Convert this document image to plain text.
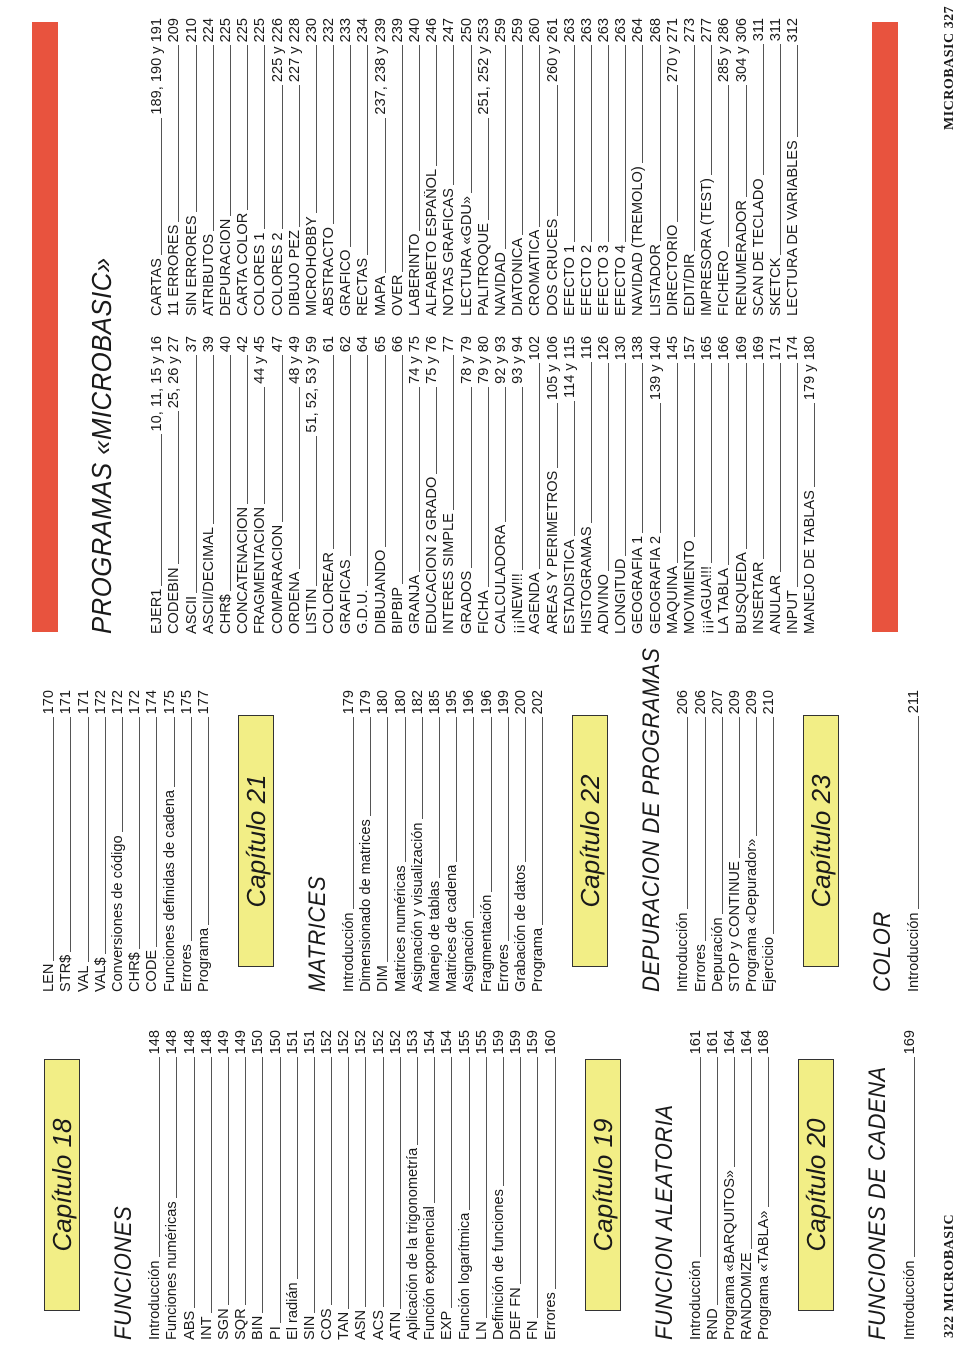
Capítulo 18
FUNCIONES Introducción
148
Funciones numéricas
148
ABS
148
INT
148
SGN
149
SQR
149
BIN
150
PI
150
El radián
151
SIN
151
COS
152
TAN
152
ASN
152
ACS
152
ATN
152
Aplicación de la trigonometría
153
Función exponencial
154
EXP
154
Función logarítmica
155
LN
155
Definición de funciones
159
DEF FN
159
FN
159
Errores
160
Capítulo 19 FUNCION ALEATORIA Introducción
161
RND
161
Programa «BARQUITOS»
164
RANDOMIZE
164
Programa «TABLA»
168
Capítulo 20 FUNCIONES DE CADENA Introducción
169
LEN
170
STR$
171
VAL
171
VAL$
172
Conversiones de código
172
CHR$
172
CODE
174
Funciones definidas de cadena
175
Errores
175
Programa
177
Capítulo 21
MATRICES Introducción
179
Dimensionado de matrices
179
DIM
180
Matrices numéricas
180
Asignación y visualización
182
Manejo de tablas
185
Matrices de cadena
195
Asignación
196
Fragmentación
196
Errores
199
Grabación de datos
200
Programa
202
Capítulo 22 DEPURACION DE PROGRAMAS Introducción
206
Errores
206
Depuración
207
STOP y CONTINUE
209
Programa «Depurador»
209
Ejercicio
210
Capítulo 23
COLOR Introducción
211
322 MICROBASIC
PROGRAMAS «MICROBASIC» EJER1
10, 11, 15 y 16
CODEBIN
25, 26 y 27
ASCII
37
ASCII/DECIMAL
39
CHR$
40
CONCATENACION
42
FRAGMENTACION
44 y 45
COMPARACION
47
ORDENA
48 y 49
LISTIN
51, 52, 53 y 59
COLOREAR
61
GRAFICAS
62
G.D.U.
64
DIBUJANDO
65
BIPBIP
66
GRANJA
74 y 75
EDUCACION 2 GRADO
75 y 76
INTERES SIMPLE
77
GRADOS
78 y 79
FICHA
79 y 80
CALCULADORA
92 y 93
¡¡¡NEW!!!
93 y 94
AGENDA
102
AREAS Y PERIMETROS
105 y 106
ESTADISTICA
114 y 115
HISTOGRAMAS
116
ADIVINO
126
LONGITUD
130
GEOGRAFIA 1
138
GEOGRAFIA 2
139 y 140
MAQUINA
145
MOVIMIENTO
157
¡¡¡AGUA!!!
165
LA TABLA
166
BUSQUEDA
169
INSERTAR
169
ANULAR
171
INPUT
174
MANEJO DE TABLAS
179 y 180
CARTAS
189, 190 y 191
11 ERRORES
209
SIN ERRORES
210
ATRIBUTOS
224
DEPURACION
225
CARTA COLOR
225
COLORES 1
225
COLORES 2
225 y 226
DIBUJO PEZ
227 y 228
MICROHOBBY
230
ABSTRACTO
232
GRAFICO
233
RECTAS
234
MAPA
237, 238 y 239
OVER
239
LABERINTO
240
ALFABETO ESPAÑOL
246
NOTAS GRAFICAS
247
LECTURA «GDU»
250
PALITROQUE
251, 252 y 253
NAVIDAD
259
DIATONICA
259
CROMATICA
260
DOS CRUCES
260 y 261
EFECTO 1
263
EFECTO 2
263
EFECTO 3
263
EFECTO 4
263
NAVIDAD (TREMOLO)
264
LISTADOR
268
DIRECTORIO
270 y 271
EDIT/DIR
273
IMPRESORA (TEST)
277
FICHERO
285 y 286
RENUMERADOR
304 y 306
SCAN DE TECLADO
311
SKETCK
311
LECTURA DE VARIABLES
312	MICROBASIC 327
